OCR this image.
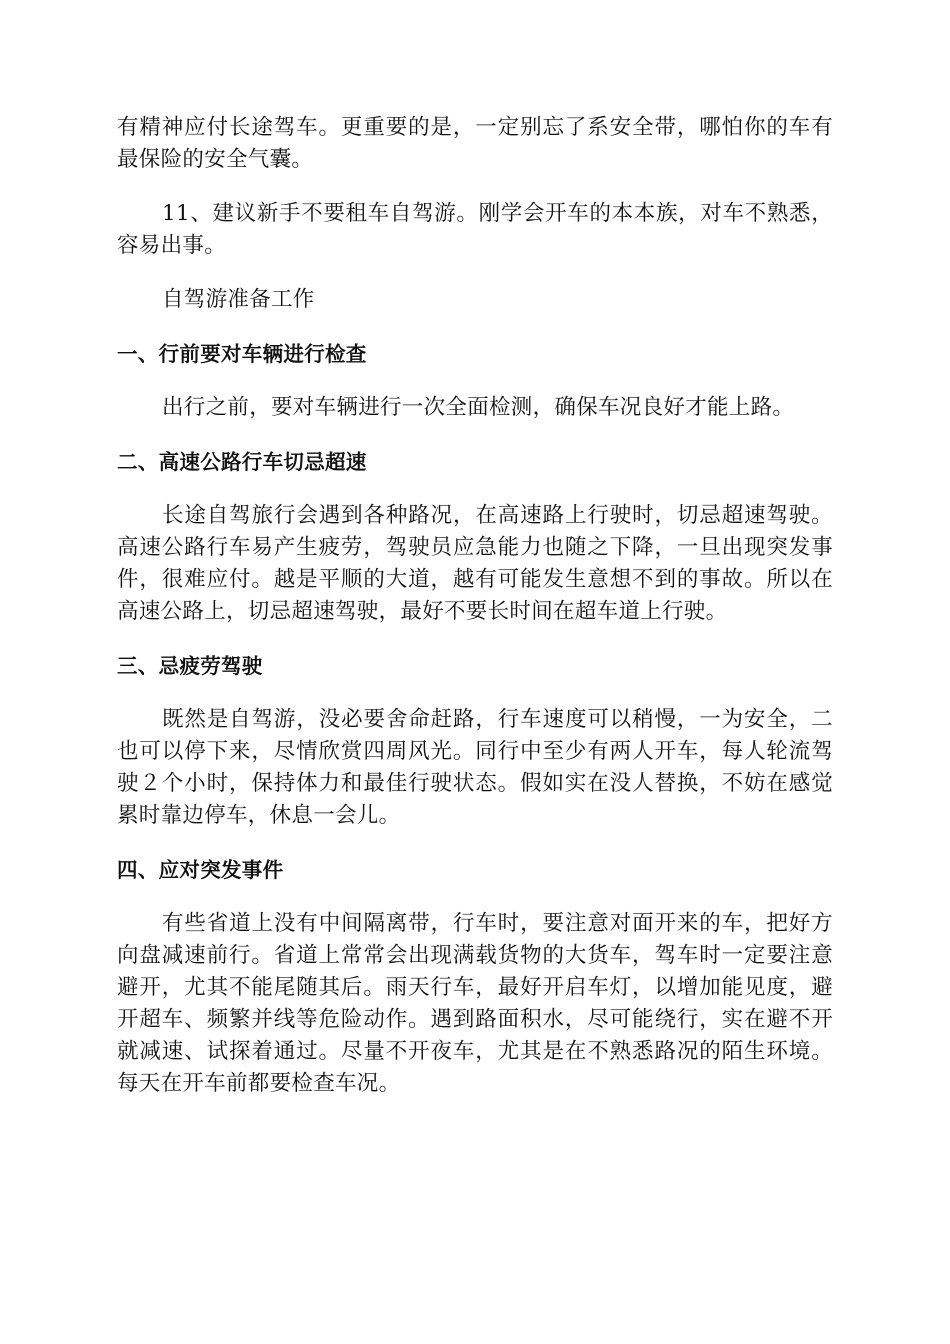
有精神应付长途驾车。更重要的是，一定别忘了系安全带，哪怕你的车有最保险的安全气囊。

11、建议新手不要租车自驾游。刚学会开车的本本族，对车不熟悉，容易出事。

自驾游准备工作

一、行前要对车辆进行检查

出行之前，要对车辆进行一次全面检测，确保车况良好才能上路。

二、高速公路行车切忌超速

长途自驾旅行会遇到各种路况，在高速路上行驶时，切忌超速驾驶。高速公路行车易产生疲劳，驾驶员应急能力也随之下降，一旦出现突发事件，很难应付。越是平顺的大道，越有可能发生意想不到的事故。所以在高速公路上，切忌超速驾驶，最好不要长时间在超车道上行驶。

三、忌疲劳驾驶

既然是自驾游，没必要舍命赶路，行车速度可以稍慢，一为安全，二也可以停下来，尽情欣赏四周风光。同行中至少有两人开车，每人轮流驾驶２个小时，保持体力和最佳行驶状态。假如实在没人替换，不妨在感觉累时靠边停车，休息一会儿。

四、应对突发事件

有些省道上没有中间隔离带，行车时，要注意对面开来的车，把好方向盘减速前行。省道上常常会出现满载货物的大货车，驾车时一定要注意避开，尤其不能尾随其后。雨天行车，最好开启车灯，以增加能见度，避开超车、频繁并线等危险动作。遇到路面积水，尽可能绕行，实在避不开就减速、试探着通过。尽量不开夜车，尤其是在不熟悉路况的陌生环境。每天在开车前都要检查车况。
